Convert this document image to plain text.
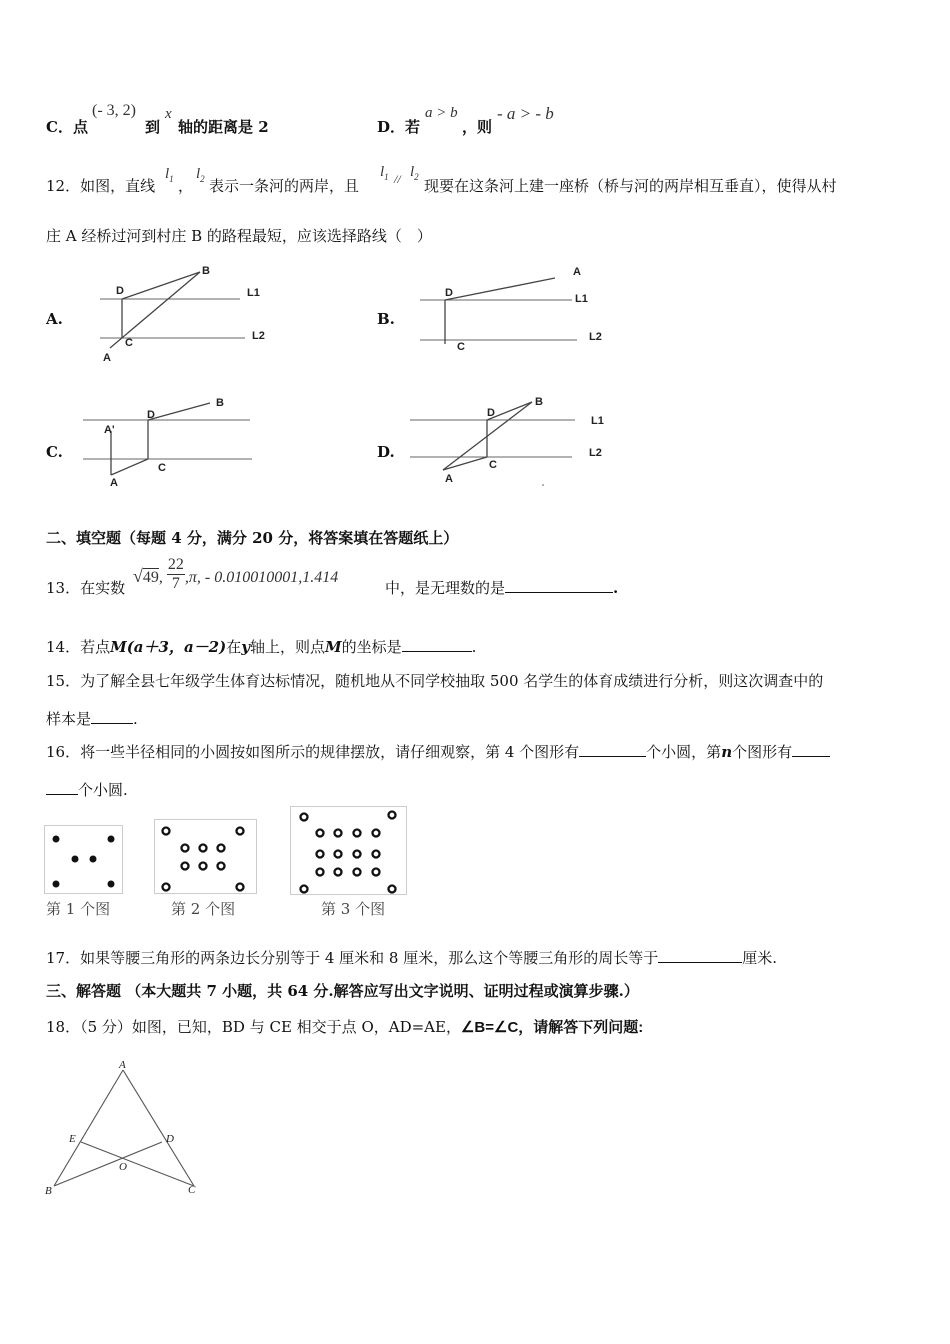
C．点
(- 3, 2)
到
x
轴的距离是 2	D．若
a > b
，则
- a > - b
12．如图，直线
$l_1$ ，
$l_2$ 表示一条河的两岸，且
$l_1 // l_2$ 现要在这条河上建一座桥（桥与河的两岸相互垂直），使得从村
庄 A 经桥过河到村庄 B 的路程最短，应该选择路线（　）
A.	B.
C.	D.
D
B
L1
L2
C
A
A
D	L1
L2
C
A'
D
B
C
A
D
B
L1
L2
C
A
二、填空题（每题 4 分，满分 20 分，将答案填在答题纸上）
13．在实数
√49, $\frac{22}{7},\pi$, - 0.010010001,1.414
中，是无理数的是	.
14．若点M(a＋3，a－2)在y轴上，则点M的坐标是	.
15．为了解全县七年级学生体育达标情况，随机地从不同学校抽取 500 名学生的体育成绩进行分析，则这次调查中的
样本是	.
16．将一些半径相同的小圆按如图所示的规律摆放，请仔细观察，第 4 个图形有	个小圆，第n个图形有
个小圆.
第 1 个图	第 2 个图	第 3 个图
17．如果等腰三角形的两条边长分别等于 4 厘米和 8 厘米，那么这个等腰三角形的周长等于	厘米.
三、解答题 （本大题共 7 小题，共 64 分.解答应写出文字说明、证明过程或演算步骤.）
18．（5 分）如图，已知，BD 与 CE 相交于点 O，AD=AE，∠B=∠C，请解答下列问题:
A
E	D
O
B	C
